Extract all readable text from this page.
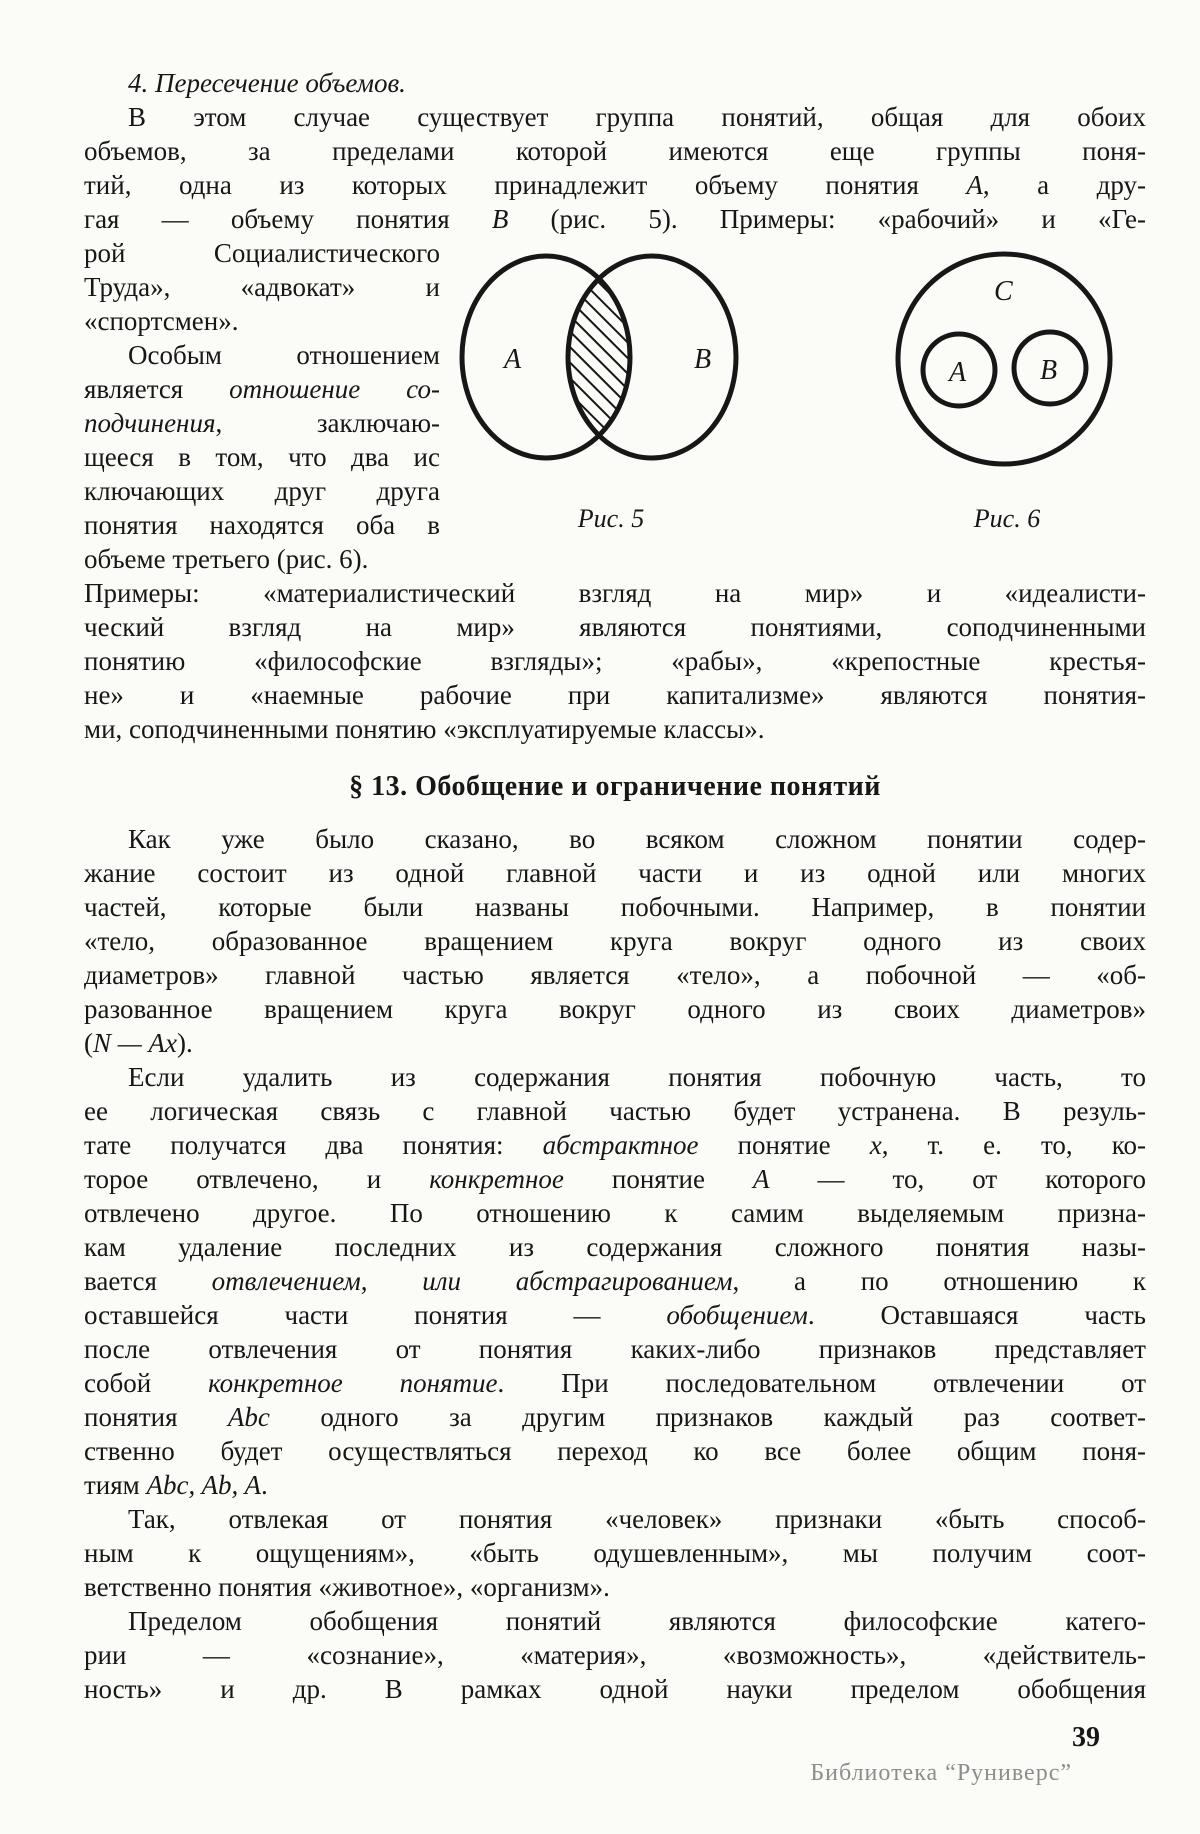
4. Пересечение объемов.
В этом случае существует группа понятий, общая для обоих
объемов, за пределами которой имеются еще группы поня-
тий, одна из которых принадлежит объему понятия А, а дру-
гая — объему понятия В (рис. 5). Примеры: «рабочий» и «Ге-
А	В
С
А	В
Рис. 5	Рис. 6
рой Социалистического
Труда», «адвокат» и
«спортсмен».
Особым отношением
является отношение со-
подчинения, заключаю-
щееся в том, что два ис
ключающих друг друга
понятия находятся оба в
объеме третьего (рис. 6).
Примеры: «материалистический взгляд на мир» и «идеалисти-
ческий взгляд на мир» являются понятиями, соподчиненными
понятию «философские взгляды»; «рабы», «крепостные крестья-
не» и «наемные рабочие при капитализме» являются понятия-
ми, соподчиненными понятию «эксплуатируемые классы».
§ 13. Обобщение и ограничение понятий
Как уже было сказано, во всяком сложном понятии содер-
жание состоит из одной главной части и из одной или многих
частей, которые были названы побочными. Например, в понятии
«тело, образованное вращением круга вокруг одного из своих
диаметров» главной частью является «тело», а побочной — «об-
разованное вращением круга вокруг одного из своих диаметров»
(N — Ах).
Если удалить из содержания понятия побочную часть, то
ее логическая связь с главной частью будет устранена. В резуль-
тате получатся два понятия: абстрактное понятие х, т. е. то, ко-
торое отвлечено, и конкретное понятие А — то, от которого
отвлечено другое. По отношению к самим выделяемым призна-
кам удаление последних из содержания сложного понятия назы-
вается отвлечением, или абстрагированием, а по отношению к
оставшейся части понятия — обобщением. Оставшаяся часть
после отвлечения от понятия каких-либо признаков представляет
собой конкретное понятие. При последовательном отвлечении от
понятия Abc одного за другим признаков каждый раз соответ-
ственно будет осуществляться переход ко все более общим поня-
тиям Abc, Ab, A.
Так, отвлекая от понятия «человек» признаки «быть способ-
ным к ощущениям», «быть одушевленным», мы получим соот-
ветственно понятия «животное», «организм».
Пределом обобщения понятий являются философские катего-
рии — «сознание», «материя», «возможность», «действитель-
ность» и др. В рамках одной науки пределом обобщения
39
Библиотека “Руниверс”
